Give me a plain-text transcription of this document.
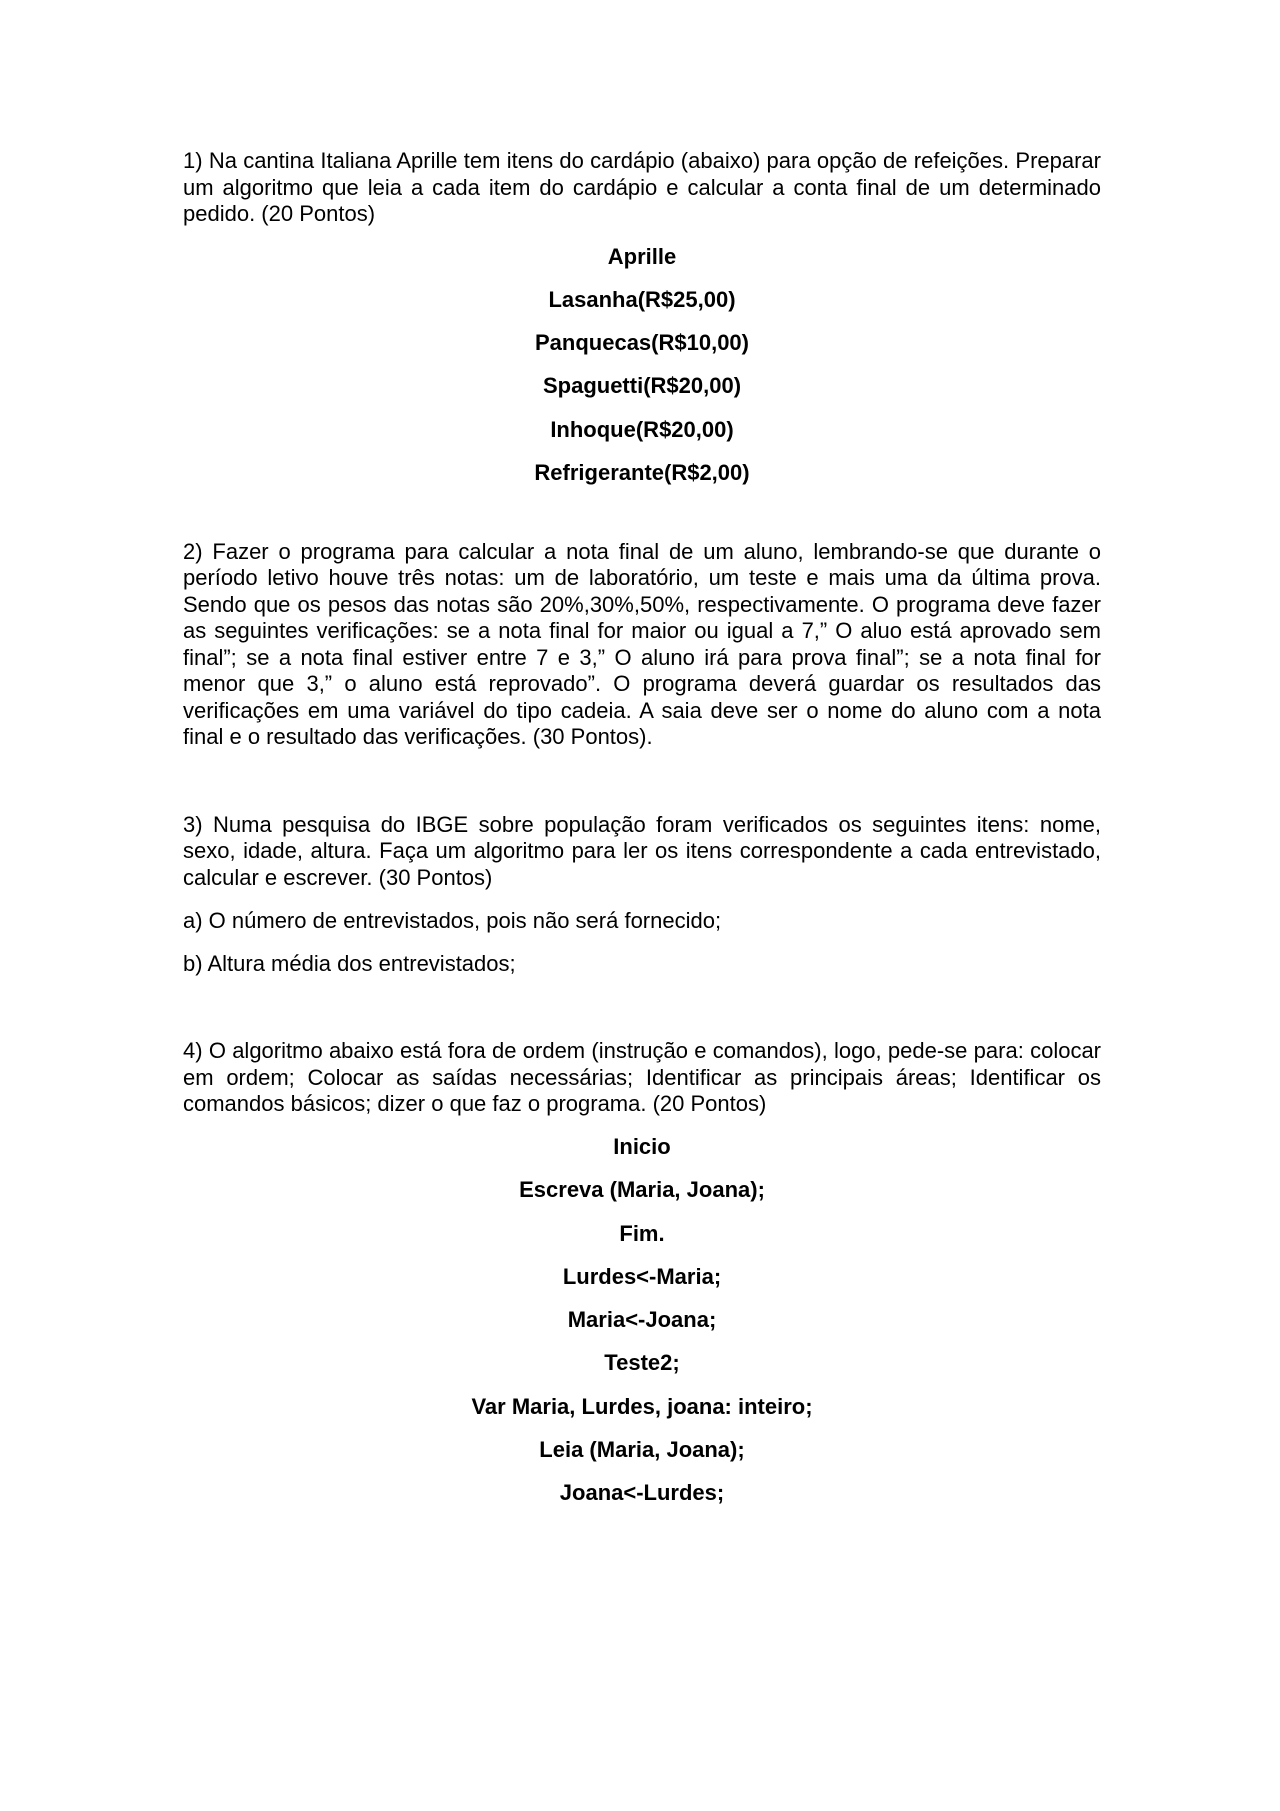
1) Na cantina Italiana Aprille tem itens do cardápio (abaixo) para opção de refeições. Preparar um algoritmo que leia a cada item do cardápio e calcular a conta final de um determinado pedido. (20 Pontos)

Aprille
Lasanha(R$25,00)
Panquecas(R$10,00)
Spaguetti(R$20,00)
Inhoque(R$20,00)
Refrigerante(R$2,00)

2) Fazer o programa para calcular a nota final de um aluno, lembrando-se que durante o período letivo houve três notas: um de laboratório, um teste e mais uma da última prova. Sendo que os pesos das notas são 20%,30%,50%, respectivamente. O programa deve fazer as seguintes verificações: se a nota final for maior ou igual a 7,” O aluo está aprovado sem final”; se a nota final estiver entre 7 e 3,” O aluno irá para prova final”; se a nota final for menor que 3,” o aluno está reprovado”. O programa deverá guardar os resultados das verificações em uma variável do tipo cadeia. A saia deve ser o nome do aluno com a nota final e o resultado das verificações. (30 Pontos).

3) Numa pesquisa do IBGE sobre população foram verificados os seguintes itens: nome, sexo, idade, altura. Faça um algoritmo para ler os itens correspondente a cada entrevistado, calcular e escrever. (30 Pontos)

a) O número de entrevistados, pois não será fornecido;

b) Altura média dos entrevistados;

4) O algoritmo abaixo está fora de ordem (instrução e comandos), logo, pede-se para: colocar em ordem; Colocar as saídas necessárias; Identificar as principais áreas; Identificar os comandos básicos; dizer o que faz o programa. (20 Pontos)

Inicio
Escreva (Maria, Joana);
Fim.
Lurdes<-Maria;
Maria<-Joana;
Teste2;
Var Maria, Lurdes, joana: inteiro;
Leia (Maria, Joana);
Joana<-Lurdes;
